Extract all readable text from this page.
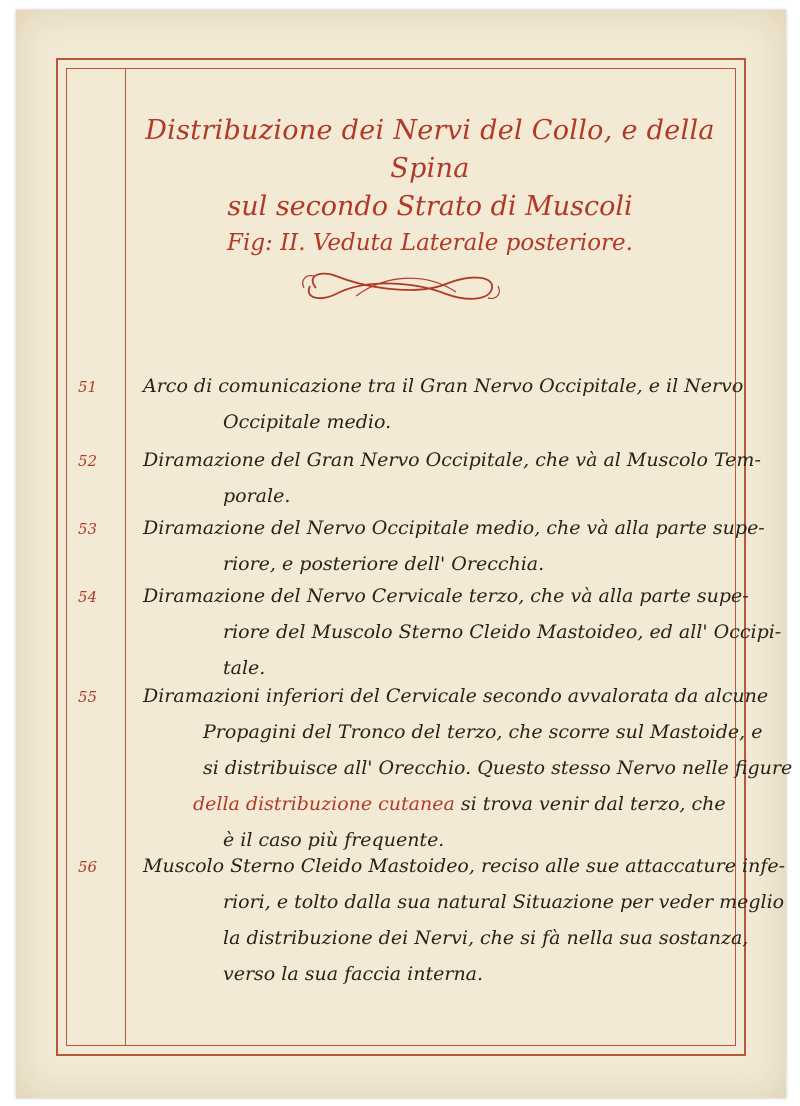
Distribuzione dei Nervi del Collo, e della Spina
sul secondo Strato di Muscoli
Fig: II. Veduta Laterale posteriore.
51 Arco di comunicazione tra il Gran Nervo Occipitale, e il Nervo
Occipitale medio.
52 Diramazione del Gran Nervo Occipitale, che và al Muscolo Tem-
porale.
53 Diramazione del Nervo Occipitale medio, che và alla parte supe-
riore, e posteriore dell' Orecchia.
54 Diramazione del Nervo Cervicale terzo, che và alla parte supe-
riore del Muscolo Sterno Cleido Mastoideo, ed all' Occipi-
tale.
55 Diramazioni inferiori del Cervicale secondo avvalorata da alcune
Propagini del Tronco del terzo, che scorre sul Mastoide, e
si distribuisce all' Orecchio. Questo stesso Nervo nelle figure
della distribuzione cutanea si trova venir dal terzo, che
è il caso più frequente.
56 Muscolo Sterno Cleido Mastoideo, reciso alle sue attaccature infe-
riori, e tolto dalla sua natural Situazione per veder meglio
la distribuzione dei Nervi, che si fà nella sua sostanza,
verso la sua faccia interna.
